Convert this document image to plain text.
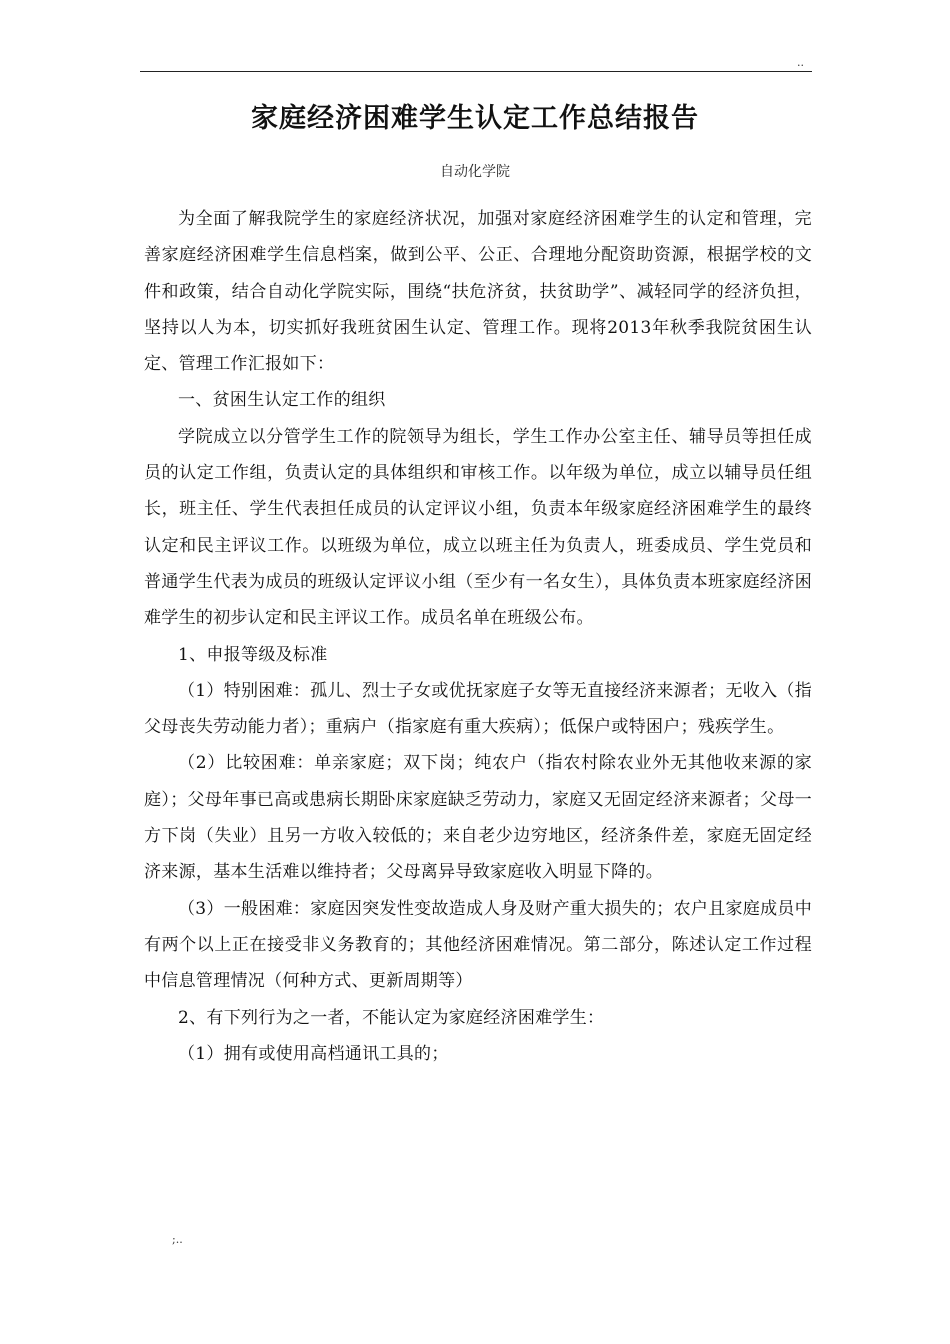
..
家庭经济困难学生认定工作总结报告
自动化学院

为全面了解我院学生的家庭经济状况，加强对家庭经济困难学生的认定和管理，完善家庭经济困难学生信息档案，做到公平、公正、合理地分配资助资源，根据学校的文件和政策，结合自动化学院实际，围绕“扶危济贫，扶贫助学”、减轻同学的经济负担，坚持以人为本，切实抓好我班贫困生认定、管理工作。现将2013年秋季我院贫困生认定、管理工作汇报如下：

一、贫困生认定工作的组织

学院成立以分管学生工作的院领导为组长，学生工作办公室主任、辅导员等担任成员的认定工作组，负责认定的具体组织和审核工作。以年级为单位，成立以辅导员任组长，班主任、学生代表担任成员的认定评议小组，负责本年级家庭经济困难学生的最终认定和民主评议工作。以班级为单位，成立以班主任为负责人，班委成员、学生党员和普通学生代表为成员的班级认定评议小组（至少有一名女生），具体负责本班家庭经济困难学生的初步认定和民主评议工作。成员名单在班级公布。

1、申报等级及标准

（1）特别困难：孤儿、烈士子女或优抚家庭子女等无直接经济来源者；无收入（指父母丧失劳动能力者）；重病户（指家庭有重大疾病）；低保户或特困户；残疾学生。

（2）比较困难：单亲家庭；双下岗；纯农户（指农村除农业外无其他收来源的家庭）；父母年事已高或患病长期卧床家庭缺乏劳动力，家庭又无固定经济来源者；父母一方下岗（失业）且另一方收入较低的；来自老少边穷地区，经济条件差，家庭无固定经济来源，基本生活难以维持者；父母离异导致家庭收入明显下降的。

（3）一般困难：家庭因突发性变故造成人身及财产重大损失的；农户且家庭成员中有两个以上正在接受非义务教育的；其他经济困难情况。第二部分，陈述认定工作过程中信息管理情况（何种方式、更新周期等）

2、有下列行为之一者，不能认定为家庭经济困难学生：

（1）拥有或使用高档通讯工具的；

;..
